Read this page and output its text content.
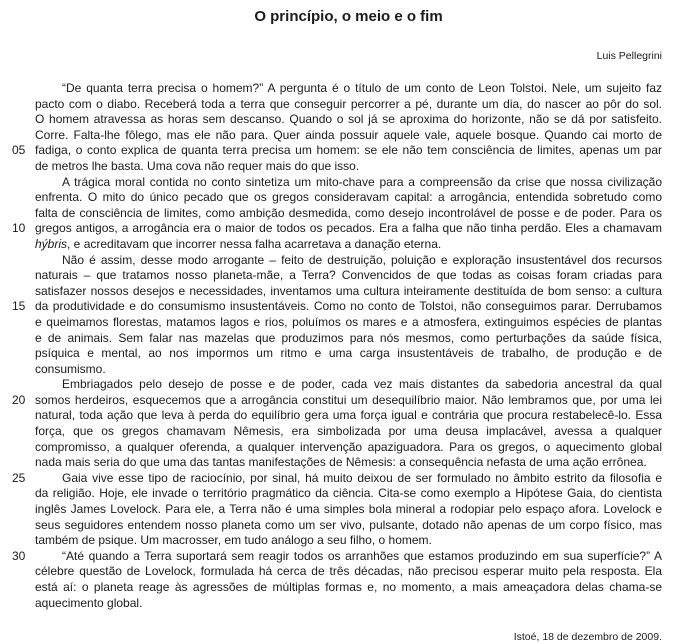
O princípio, o meio e o fim
Luis Pellegrini
“De quanta terra precisa o homem?” A pergunta é o título de um conto de Leon Tolstoi. Nele, um sujeito faz
pacto com o diabo. Receberá toda a terra que conseguir percorrer a pé, durante um dia, do nascer ao pôr do sol.
O homem atravessa as horas sem descanso. Quando o sol já se aproxima do horizonte, não se dá por satisfeito.
Corre. Falta-lhe fôlego, mas ele não para. Quer ainda possuir aquele vale, aquele bosque. Quando cai morto de
05 fadiga, o conto explica de quanta terra precisa um homem: se ele não tem consciência de limites, apenas um par
de metros lhe basta. Uma cova não requer mais do que isso.
A trágica moral contida no conto sintetiza um mito-chave para a compreensão da crise que nossa civilização
enfrenta. O mito do único pecado que os gregos consideravam capital: a arrogância, entendida sobretudo como
falta de consciência de limites, como ambição desmedida, como desejo incontrolável de posse e de poder. Para os
10 gregos antigos, a arrogância era o maior de todos os pecados. Era a falha que não tinha perdão. Eles a chamavam
hýbris, e acreditavam que incorrer nessa falha acarretava a danação eterna.
Não é assim, desse modo arrogante – feito de destruição, poluição e exploração insustentável dos recursos
naturais – que tratamos nosso planeta-mãe, a Terra? Convencidos de que todas as coisas foram criadas para
satisfazer nossos desejos e necessidades, inventamos uma cultura inteiramente destituída de bom senso: a cultura
15 da produtividade e do consumismo insustentáveis. Como no conto de Tolstoi, não conseguimos parar. Derrubamos
e queimamos florestas, matamos lagos e rios, poluímos os mares e a atmosfera, extinguimos espécies de plantas
e de animais. Sem falar nas mazelas que produzimos para nós mesmos, como perturbações da saúde física,
psíquica e mental, ao nos impormos um ritmo e uma carga insustentáveis de trabalho, de produção e de consumismo.
Embriagados pelo desejo de posse e de poder, cada vez mais distantes da sabedoria ancestral da qual
20 somos herdeiros, esquecemos que a arrogância constitui um desequilíbrio maior. Não lembramos que, por uma lei
natural, toda ação que leva à perda do equilíbrio gera uma força igual e contrária que procura restabelecê-lo. Essa
força, que os gregos chamavam Nêmesis, era simbolizada por uma deusa implacável, avessa a qualquer
compromisso, a qualquer oferenda, a qualquer intervenção apaziguadora. Para os gregos, o aquecimento global
nada mais seria do que uma das tantas manifestações de Nêmesis: a consequência nefasta de uma ação errônea.
25	Gaia vive esse tipo de raciocínio, por sinal, há muito deixou de ser formulado no âmbito estrito da filosofia e
da religião. Hoje, ele invade o território pragmático da ciência. Cita-se como exemplo a Hipótese Gaia, do cientista
inglês James Lovelock. Para ele, a Terra não é uma simples bola mineral a rodopiar pelo espaço afora. Lovelock e
seus seguidores entendem nosso planeta como um ser vivo, pulsante, dotado não apenas de um corpo físico, mas
também de psique. Um macrosser, em tudo análogo a seu filho, o homem.
30	“Até quando a Terra suportará sem reagir todos os arranhões que estamos produzindo em sua superfície?” A
célebre questão de Lovelock, formulada há cerca de três décadas, não precisou esperar muito pela resposta. Ela
está aí: o planeta reage às agressões de múltiplas formas e, no momento, a mais ameaçadora delas chama-se
aquecimento global.
Istoé, 18 de dezembro de 2009.
